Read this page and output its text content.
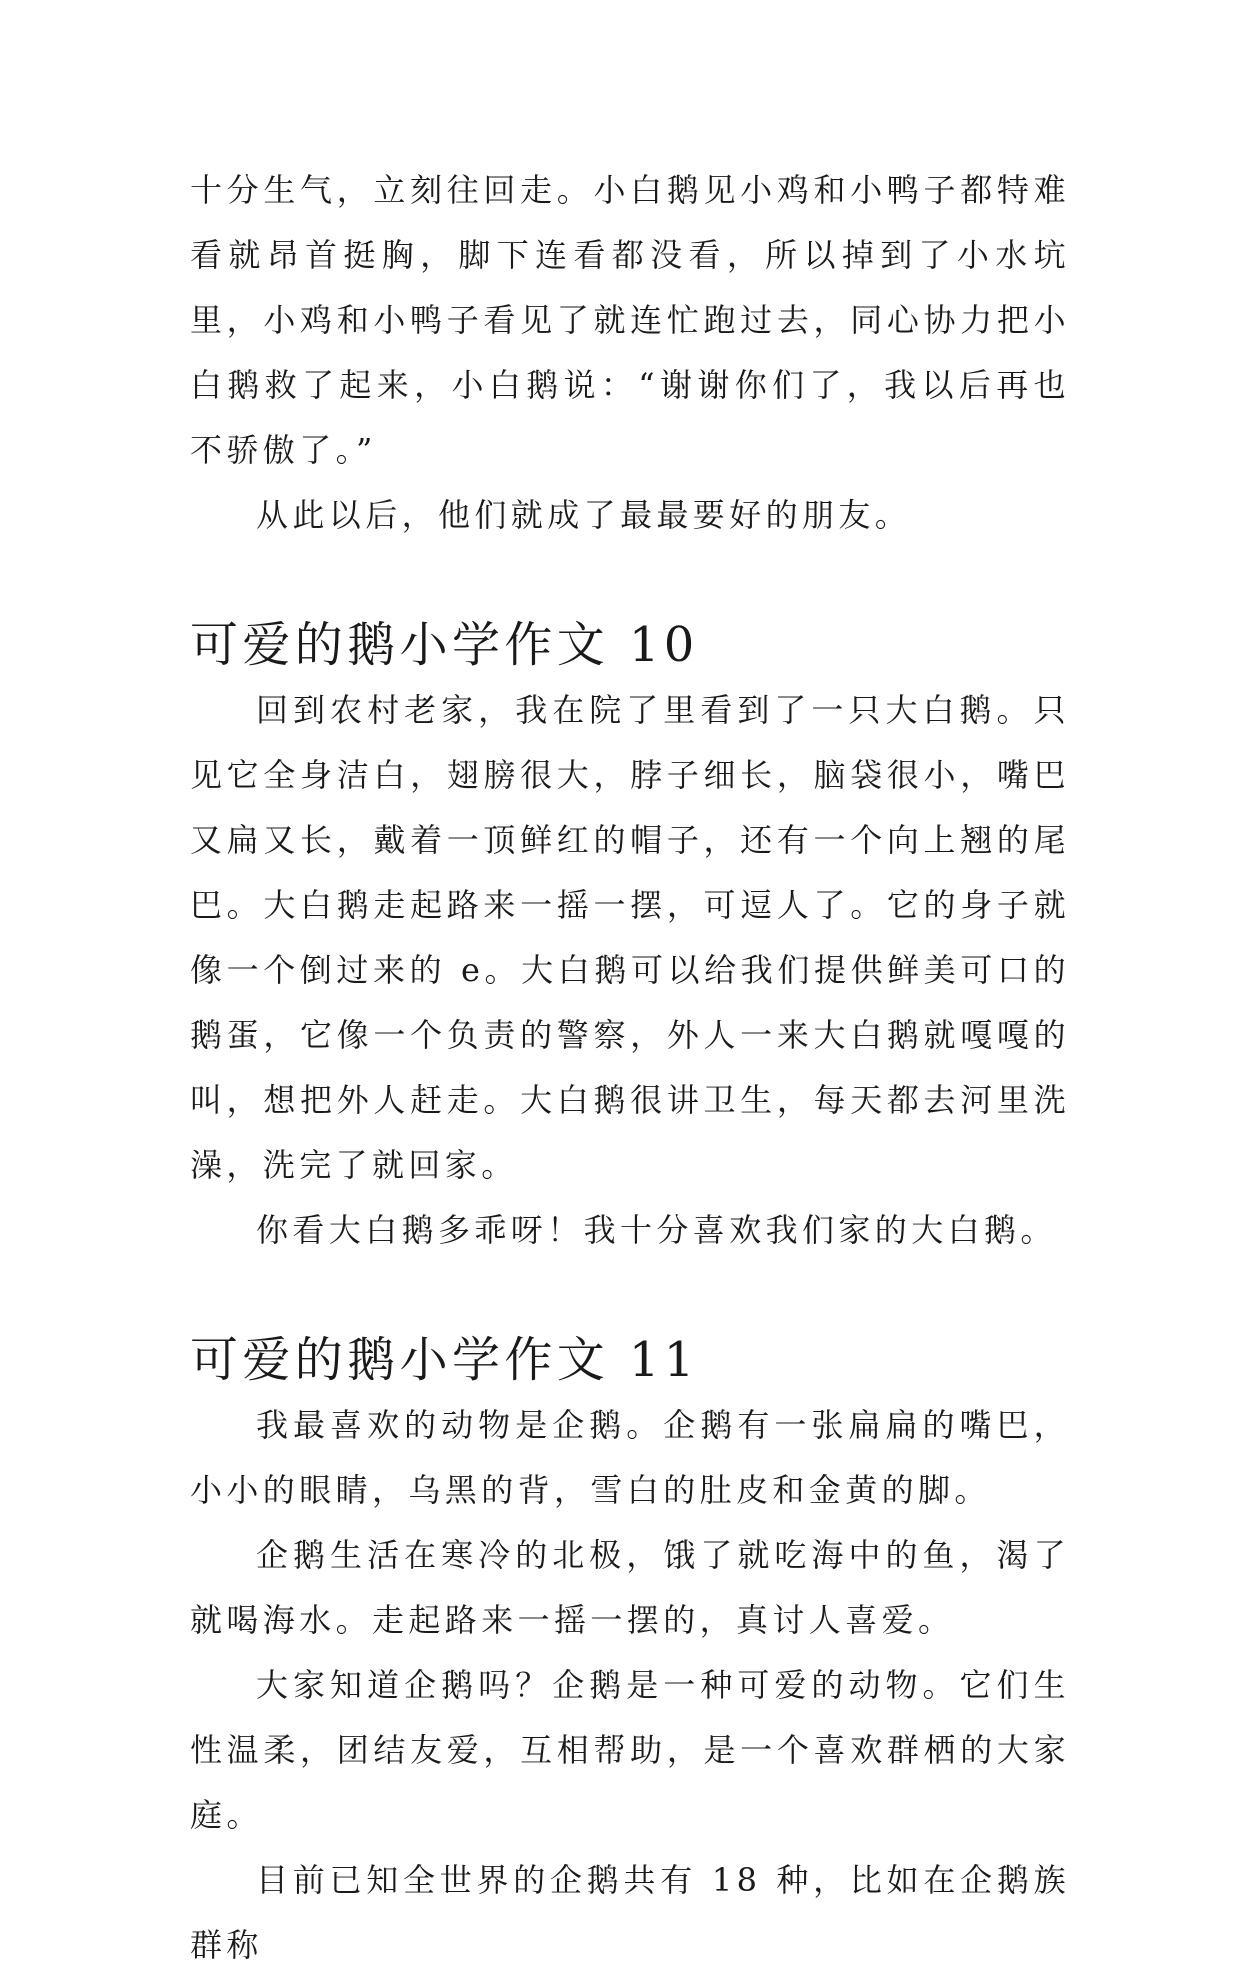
十分生气，立刻往回走。小白鹅见小鸡和小鸭子都特难看就昂首挺胸，脚下连看都没看，所以掉到了小水坑里，小鸡和小鸭子看见了就连忙跑过去，同心协力把小白鹅救了起来，小白鹅说：“谢谢你们了，我以后再也不骄傲了。”

从此以后，他们就成了最最要好的朋友。

可爱的鹅小学作文 10

回到农村老家，我在院了里看到了一只大白鹅。只见它全身洁白，翅膀很大，脖子细长，脑袋很小，嘴巴又扁又长，戴着一顶鲜红的帽子，还有一个向上翘的尾巴。大白鹅走起路来一摇一摆，可逗人了。它的身子就像一个倒过来的 e。大白鹅可以给我们提供鲜美可口的鹅蛋，它像一个负责的警察，外人一来大白鹅就嘎嘎的叫，想把外人赶走。大白鹅很讲卫生，每天都去河里洗澡，洗完了就回家。

你看大白鹅多乖呀！我十分喜欢我们家的大白鹅。

可爱的鹅小学作文 11

我最喜欢的动物是企鹅。企鹅有一张扁扁的嘴巴，小小的眼睛，乌黑的背，雪白的肚皮和金黄的脚。

企鹅生活在寒冷的北极，饿了就吃海中的鱼，渴了就喝海水。走起路来一摇一摆的，真讨人喜爱。

大家知道企鹅吗？企鹅是一种可爱的动物。它们生性温柔，团结友爱，互相帮助，是一个喜欢群栖的大家庭。

目前已知全世界的企鹅共有 18 种，比如在企鹅族群称
